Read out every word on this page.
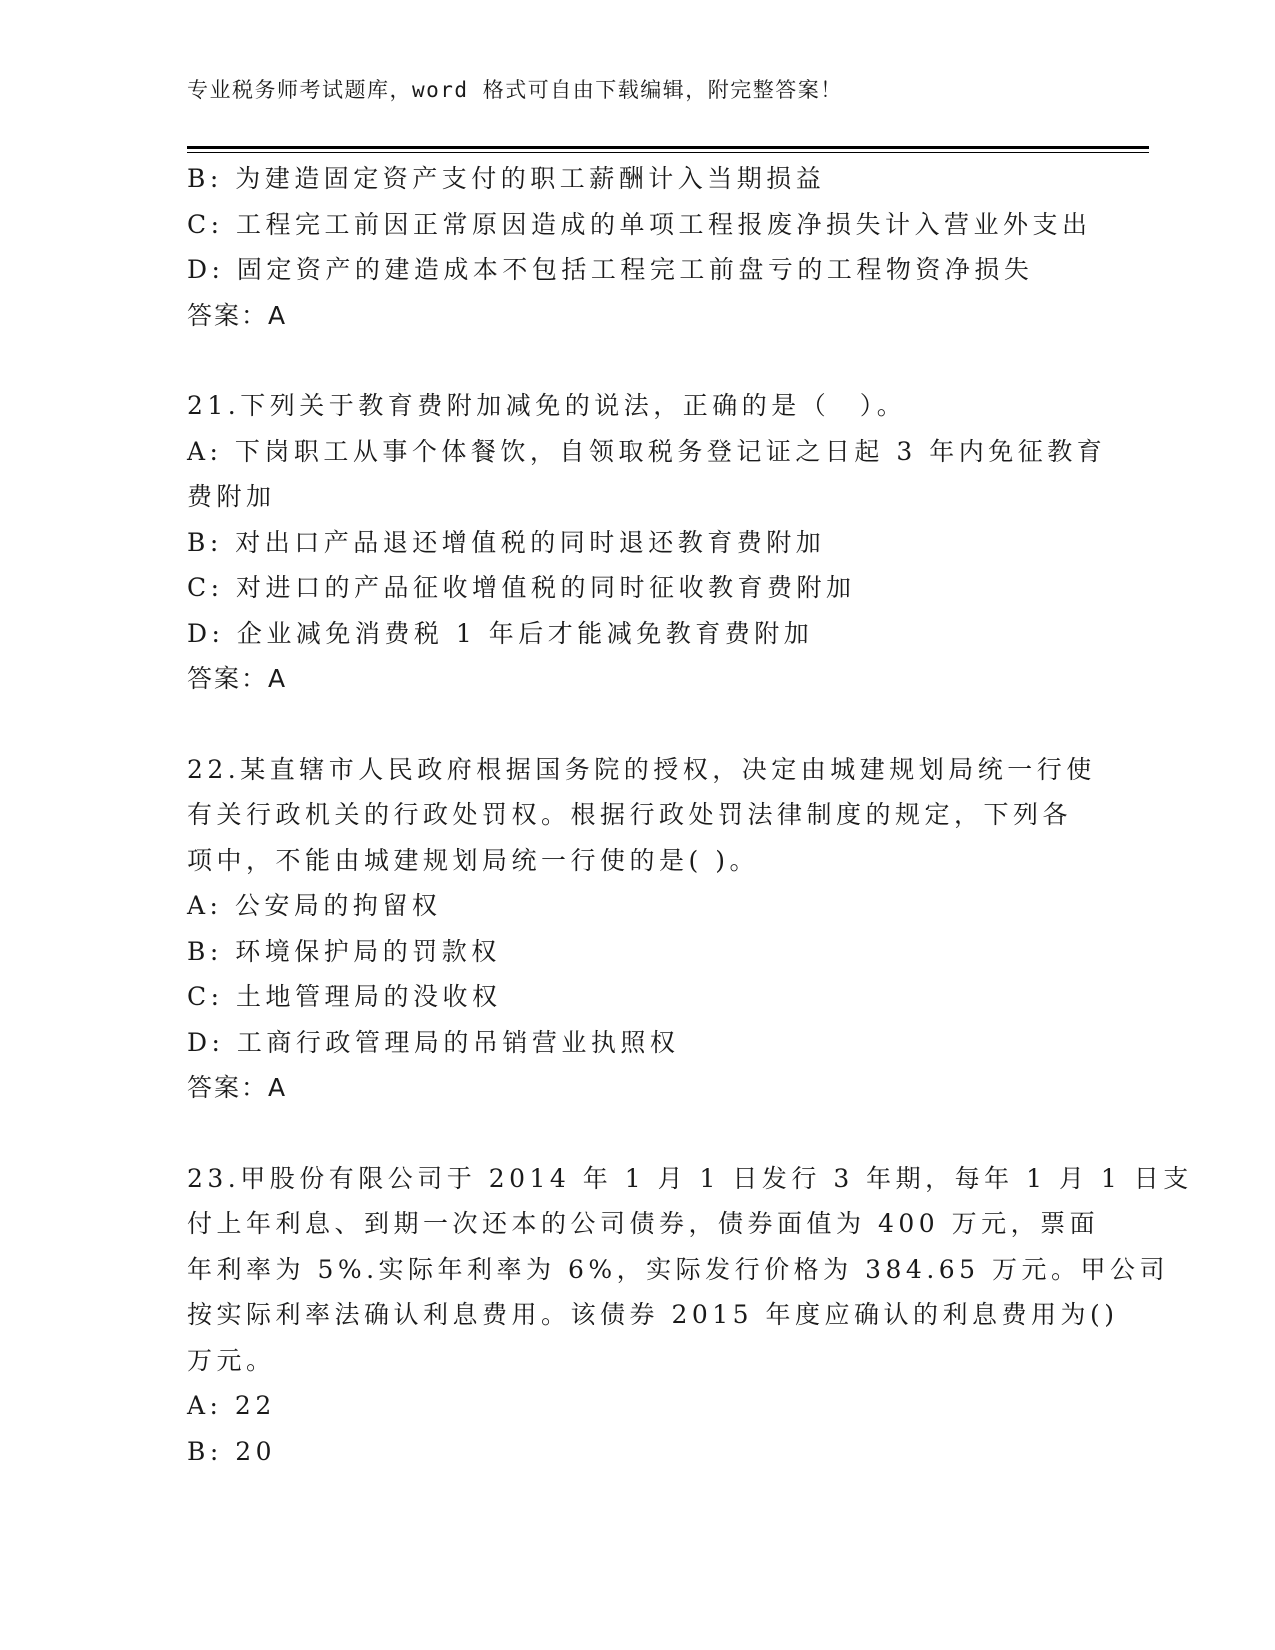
专业税务师考试题库，word 格式可自由下载编辑，附完整答案！
B: 为建造固定资产支付的职工薪酬计入当期损益
C: 工程完工前因正常原因造成的单项工程报废净损失计入营业外支出
D: 固定资产的建造成本不包括工程完工前盘亏的工程物资净损失
答案：A
21.下列关于教育费附加减免的说法，正确的是（　）。
A: 下岗职工从事个体餐饮，自领取税务登记证之日起 3 年内免征教育
费附加
B: 对出口产品退还增值税的同时退还教育费附加
C: 对进口的产品征收增值税的同时征收教育费附加
D: 企业减免消费税 1 年后才能减免教育费附加
答案：A
22.某直辖市人民政府根据国务院的授权，决定由城建规划局统一行使
有关行政机关的行政处罚权。根据行政处罚法律制度的规定，下列各
项中，不能由城建规划局统一行使的是( )。
A: 公安局的拘留权
B: 环境保护局的罚款权
C: 土地管理局的没收权
D: 工商行政管理局的吊销营业执照权
答案：A
23.甲股份有限公司于 2014 年 1 月 1 日发行 3 年期，每年 1 月 1 日支
付上年利息、到期一次还本的公司债券，债券面值为 400 万元，票面
年利率为 5%.实际年利率为 6%，实际发行价格为 384.65 万元。甲公司
按实际利率法确认利息费用。该债券 2015 年度应确认的利息费用为()
万元。
A: 22
B: 20
